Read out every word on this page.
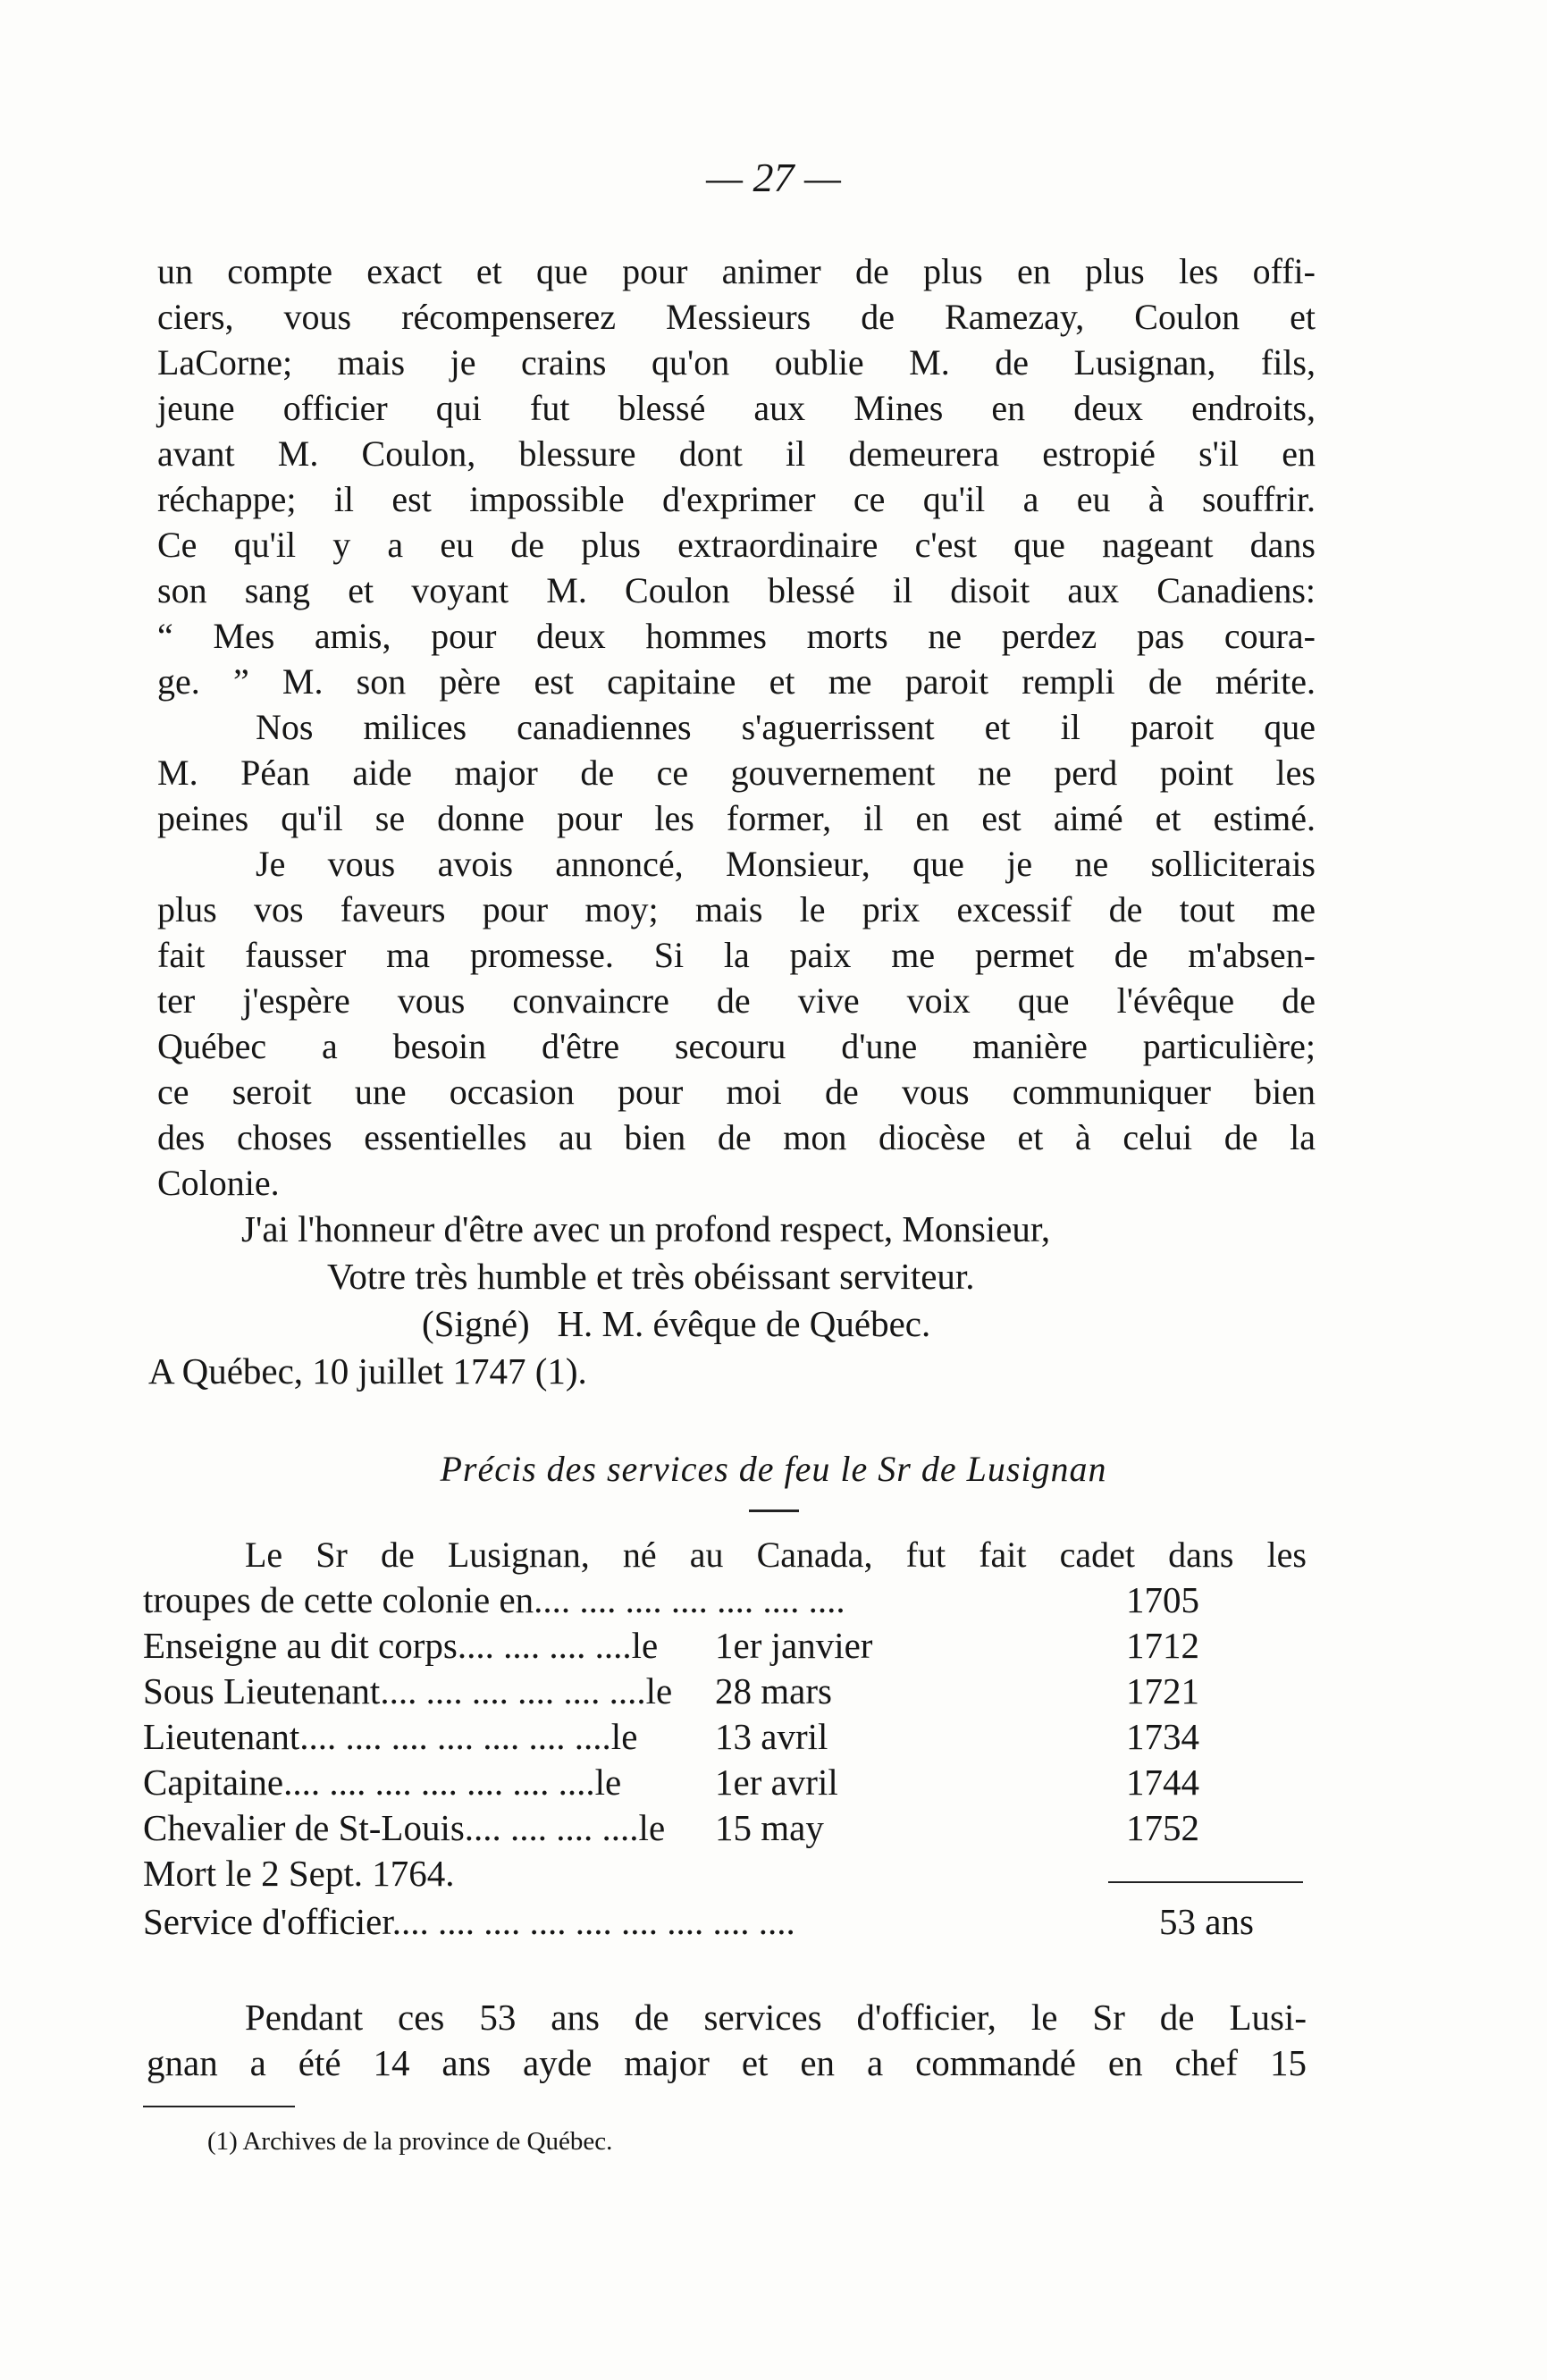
— 27 —
un compte exact et que pour animer de plus en plus les offi-
ciers, vous récompenserez Messieurs de Ramezay, Coulon et
LaCorne; mais je crains qu'on oublie M. de Lusignan, fils,
jeune officier qui fut blessé aux Mines en deux endroits,
avant M. Coulon, blessure dont il demeurera estropié s'il en
réchappe; il est impossible d'exprimer ce qu'il a eu à souffrir.
Ce qu'il y a eu de plus extraordinaire c'est que nageant dans
son sang et voyant M. Coulon blessé il disoit aux Canadiens:
“ Mes amis, pour deux hommes morts ne perdez pas coura-
ge. ” M. son père est capitaine et me paroit rempli de mérite.
Nos milices canadiennes s'aguerrissent et il paroit que
M. Péan aide major de ce gouvernement ne perd point les
peines qu'il se donne pour les former, il en est aimé et estimé.
Je vous avois annoncé, Monsieur, que je ne solliciterais
plus vos faveurs pour moy; mais le prix excessif de tout me
fait fausser ma promesse. Si la paix me permet de m'absen-
ter j'espère vous convaincre de vive voix que l'évêque de
Québec a besoin d'être secouru d'une manière particulière;
ce seroit une occasion pour moi de vous communiquer bien
des choses essentielles au bien de mon diocèse et à celui de la
Colonie.
J'ai l'honneur d'être avec un profond respect, Monsieur,
Votre très humble et très obéissant serviteur.
(Signé)   H. M. évêque de Québec.
A Québec, 10 juillet 1747 (1).
Précis des services de feu le Sr de Lusignan
Le Sr de Lusignan, né au Canada, fut fait cadet dans les
troupes de cette colonie en.... .... .... .... .... .... ....	1705
Enseigne au dit corps.... .... .... ....le 1er janvier	1712
Sous Lieutenant.... .... .... .... .... ....le 28 mars	1721
Lieutenant.... .... .... .... .... .... ....le 13 avril	1734
Capitaine.... .... .... .... .... .... ....le	1er avril	1744
Chevalier de St-Louis.... .... .... ....le 15 may	1752
Mort le 2 Sept. 1764.
Service d'officier.... .... .... .... .... .... .... .... ....	53 ans
Pendant ces 53 ans de services d'officier, le Sr de Lusi-
gnan a été 14 ans ayde major et en a commandé en chef 15
(1) Archives de la province de Québec.
